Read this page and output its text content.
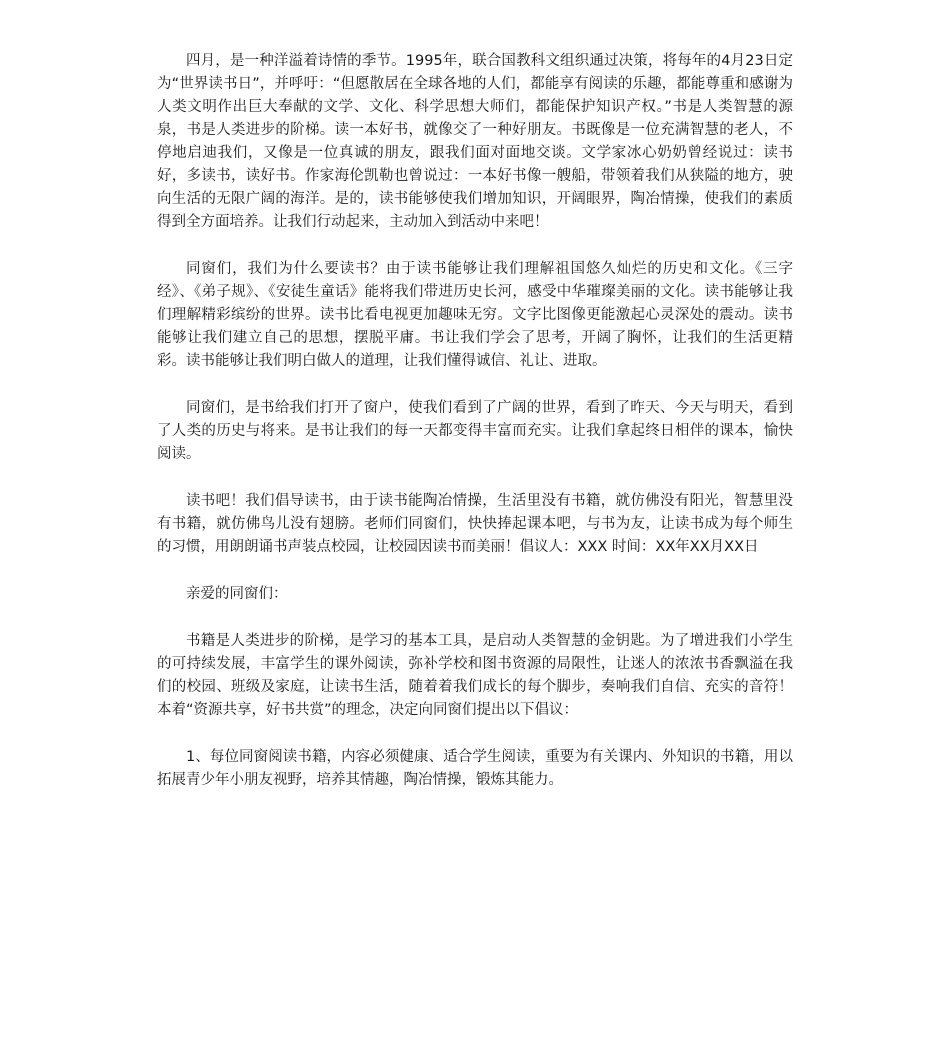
四月，是一种洋溢着诗情的季节。1995年，联合国教科文组织通过决策，将每年的4月23日定为“世界读书日”，并呼吁：“但愿散居在全球各地的人们，都能享有阅读的乐趣，都能尊重和感谢为人类文明作出巨大奉献的文学、文化、科学思想大师们，都能保护知识产权。”书是人类智慧的源泉，书是人类进步的阶梯。读一本好书，就像交了一种好朋友。书既像是一位充满智慧的老人，不停地启迪我们，又像是一位真诚的朋友，跟我们面对面地交谈。文学家冰心奶奶曾经说过：读书好，多读书，读好书。作家海伦凯勒也曾说过：一本好书像一艘船，带领着我们从狭隘的地方，驶向生活的无限广阔的海洋。是的，读书能够使我们增加知识，开阔眼界，陶冶情操，使我们的素质得到全方面培养。让我们行动起来，主动加入到活动中来吧！

同窗们，我们为什么要读书？由于读书能够让我们理解祖国悠久灿烂的历史和文化。《三字经》、《弟子规》、《安徒生童话》能将我们带进历史长河，感受中华璀璨美丽的文化。读书能够让我们理解精彩缤纷的世界。读书比看电视更加趣味无穷。文字比图像更能激起心灵深处的震动。读书能够让我们建立自己的思想，摆脱平庸。书让我们学会了思考，开阔了胸怀，让我们的生活更精彩。读书能够让我们明白做人的道理，让我们懂得诚信、礼让、进取。

同窗们，是书给我们打开了窗户，使我们看到了广阔的世界，看到了昨天、今天与明天，看到了人类的历史与将来。是书让我们的每一天都变得丰富而充实。让我们拿起终日相伴的课本，愉快阅读。

读书吧！我们倡导读书，由于读书能陶冶情操，生活里没有书籍，就仿佛没有阳光，智慧里没有书籍，就仿佛鸟儿没有翅膀。老师们同窗们，快快捧起课本吧，与书为友，让读书成为每个师生的习惯，用朗朗诵书声装点校园，让校园因读书而美丽！倡议人：XXX 时间：XX年XX月XX日

亲爱的同窗们：

书籍是人类进步的阶梯，是学习的基本工具，是启动人类智慧的金钥匙。为了增进我们小学生的可持续发展，丰富学生的课外阅读，弥补学校和图书资源的局限性，让迷人的浓浓书香飘溢在我们的校园、班级及家庭，让读书生活，随着着我们成长的每个脚步，奏响我们自信、充实的音符！本着“资源共享，好书共赏”的理念，决定向同窗们提出以下倡议：

1、每位同窗阅读书籍，内容必须健康、适合学生阅读，重要为有关课内、外知识的书籍，用以拓展青少年小朋友视野，培养其情趣，陶冶情操，锻炼其能力。
